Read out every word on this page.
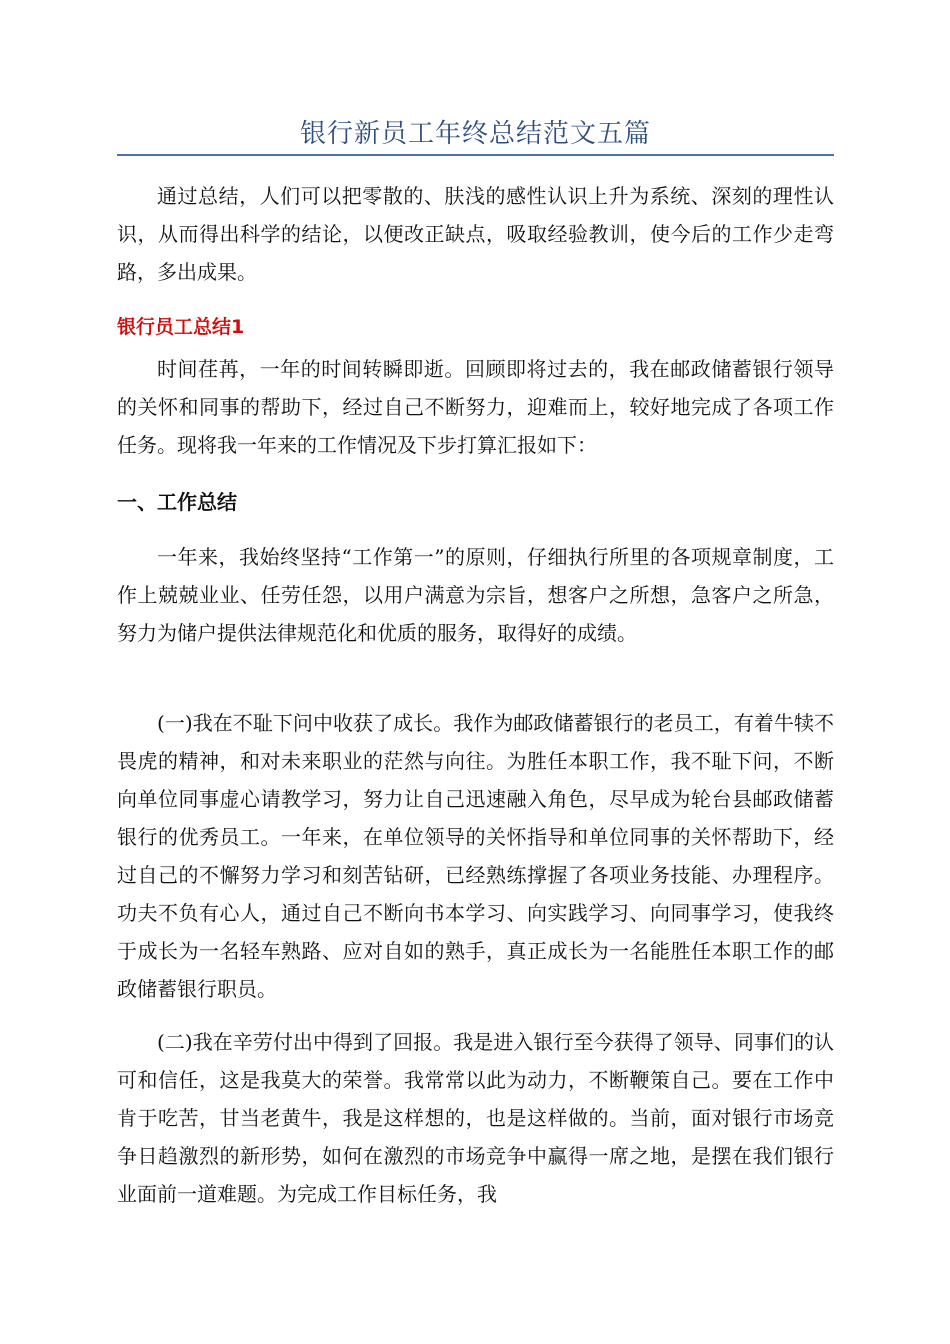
银行新员工年终总结范文五篇

通过总结，人们可以把零散的、肤浅的感性认识上升为系统、深刻的理性认识，从而得出科学的结论，以便改正缺点，吸取经验教训，使今后的工作少走弯路，多出成果。

银行员工总结1

时间荏苒，一年的时间转瞬即逝。回顾即将过去的，我在邮政储蓄银行领导的关怀和同事的帮助下，经过自己不断努力，迎难而上，较好地完成了各项工作任务。现将我一年来的工作情况及下步打算汇报如下：

一、工作总结

一年来，我始终坚持“工作第一”的原则，仔细执行所里的各项规章制度，工作上兢兢业业、任劳任怨，以用户满意为宗旨，想客户之所想，急客户之所急，努力为储户提供法律规范化和优质的服务，取得好的成绩。

(一)我在不耻下问中收获了成长。我作为邮政储蓄银行的老员工，有着牛犊不畏虎的精神，和对未来职业的茫然与向往。为胜任本职工作，我不耻下问，不断向单位同事虚心请教学习，努力让自己迅速融入角色，尽早成为轮台县邮政储蓄银行的优秀员工。一年来，在单位领导的关怀指导和单位同事的关怀帮助下，经过自己的不懈努力学习和刻苦钻研，已经熟练撑握了各项业务技能、办理程序。功夫不负有心人，通过自己不断向书本学习、向实践学习、向同事学习，使我终于成长为一名轻车熟路、应对自如的熟手，真正成长为一名能胜任本职工作的邮政储蓄银行职员。

(二)我在辛劳付出中得到了回报。我是进入银行至今获得了领导、同事们的认可和信任，这是我莫大的荣誉。我常常以此为动力，不断鞭策自己。要在工作中肯于吃苦，甘当老黄牛，我是这样想的，也是这样做的。当前，面对银行市场竞争日趋激烈的新形势，如何在激烈的市场竞争中赢得一席之地，是摆在我们银行业面前一道难题。为完成工作目标任务，我
